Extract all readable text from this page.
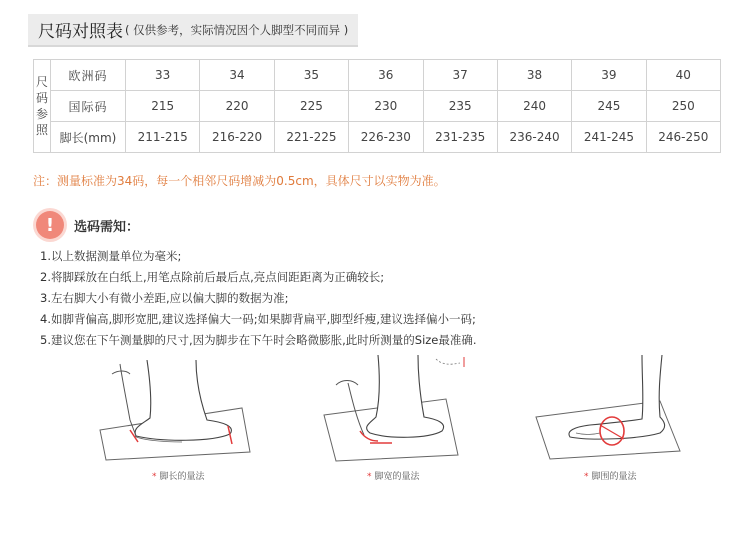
尺码对照表 ( 仅供参考，实际情况因个人脚型不同而异 )
尺码参照	欧洲码	33	34	35	36	37	38	39	40
	国际码	215	220	225	230	235	240	245	250
	脚长(mm)	211-215	216-220	221-225	226-230	231-235	236-240	241-245	246-250
注：测量标准为34码，每一个相邻尺码增减为0.5cm，具体尺寸以实物为准。
!	选码需知：
1.以上数据测量单位为毫米;
2.将脚踩放在白纸上,用笔点除前后最后点,亮点间距距离为正确较长;
3.左右脚大小有微小差距,应以偏大脚的数据为准;
4.如脚背偏高,脚形宽肥,建议选择偏大一码;如果脚背扁平,脚型纤瘦,建议选择偏小一码;
5.建议您在下午测量脚的尺寸,因为脚步在下午时会略微膨胀,此时所测量的Size最准确.
* 脚长的量法	* 脚宽的量法	* 脚围的量法
